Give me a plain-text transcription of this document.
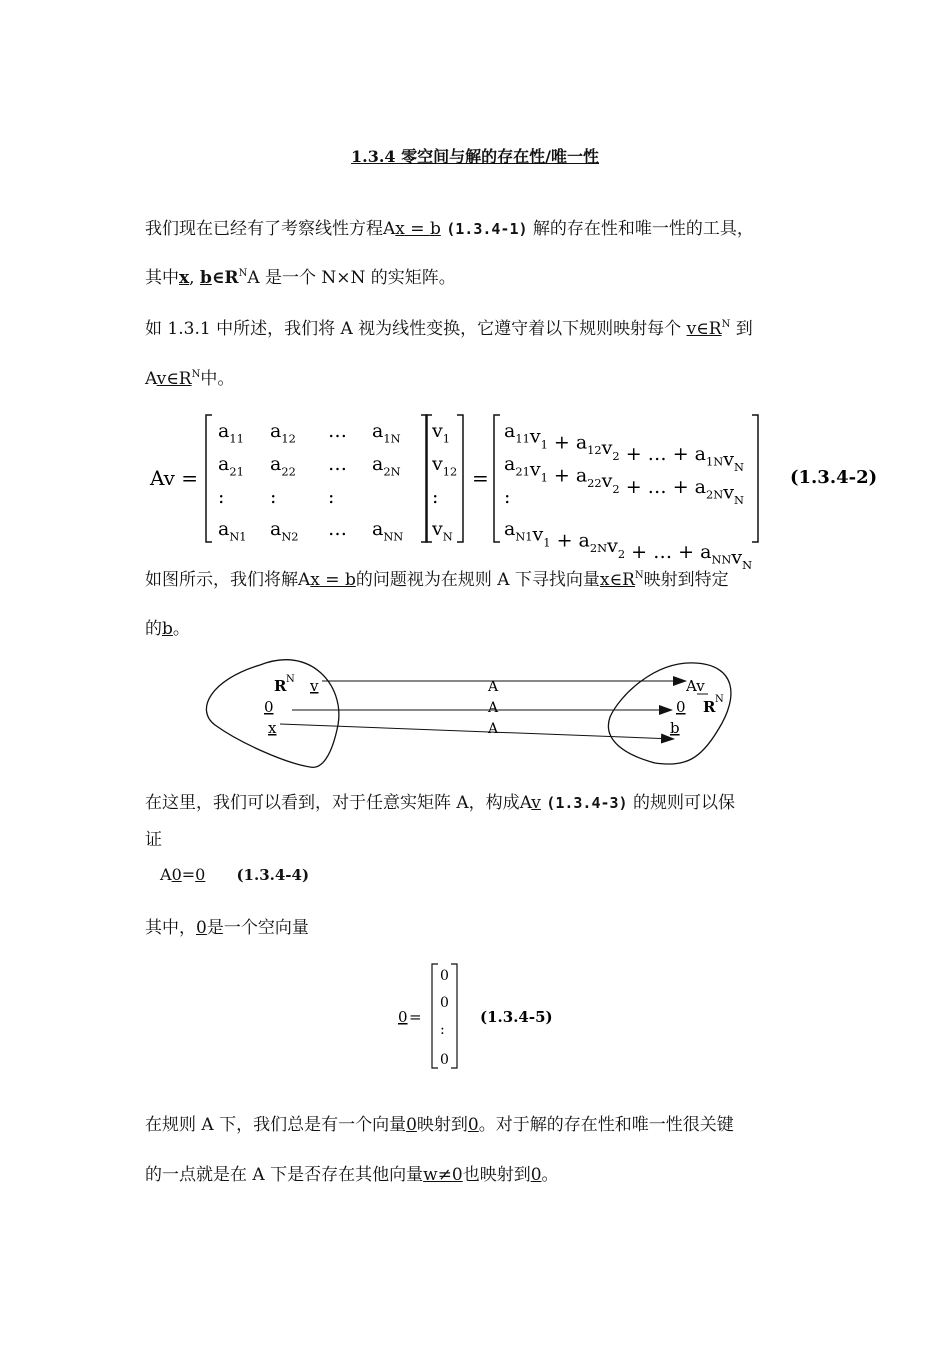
1.3.4 零空间与解的存在性/唯一性
我们现在已经有了考察线性方程Ax = b (1.3.4-1) 解的存在性和唯一性的工具，
其中x, $b\in R^NA$ 是一个 N×N 的实矩阵。
如 1.3.1 中所述，我们将 A 视为线性变换，它遵守着以下规则映射每个 $v\in R^N$ 到
$Av\in R^N$中。
Av =
$a_{11}$ $a_{12}$ … $a_{1N}$
$a_{21}$ $a_{22}$ … $a_{2N}$
: :	:
$a_{N1}$ $a_{N2}$ … $a_{NN}$
$v_1$
$v_{12}$
:
$v_N$
=
$a_{11}v_1 + a_{12}v_2$ + … + $a_{1N}v_N$
$a_{21}v_1 + a_{22}v_2$ + … + $a_{2N}v_N$
:
$a_{N1}v_1 + a_{2N}v_2$ + … + $a_{NN}v_N$
(1.3.4-2)
如图所示，我们将解Ax = b的问题视为在规则 A 下寻找向量$x\in R^N$映射到特定
的b。
R N v
0
x
A
A
A
Av
0 R N
b
在这里，我们可以看到，对于任意实矩阵 A，构成Av (1.3.4-3) 的规则可以保
证
A0=0 (1.3.4-4)
其中，0是一个空向量
0 =
0
0
:
0
(1.3.4-5)
在规则 A 下，我们总是有一个向量0映射到0。对于解的存在性和唯一性很关键
的一点就是在 A 下是否存在其他向量w≠0也映射到0。
